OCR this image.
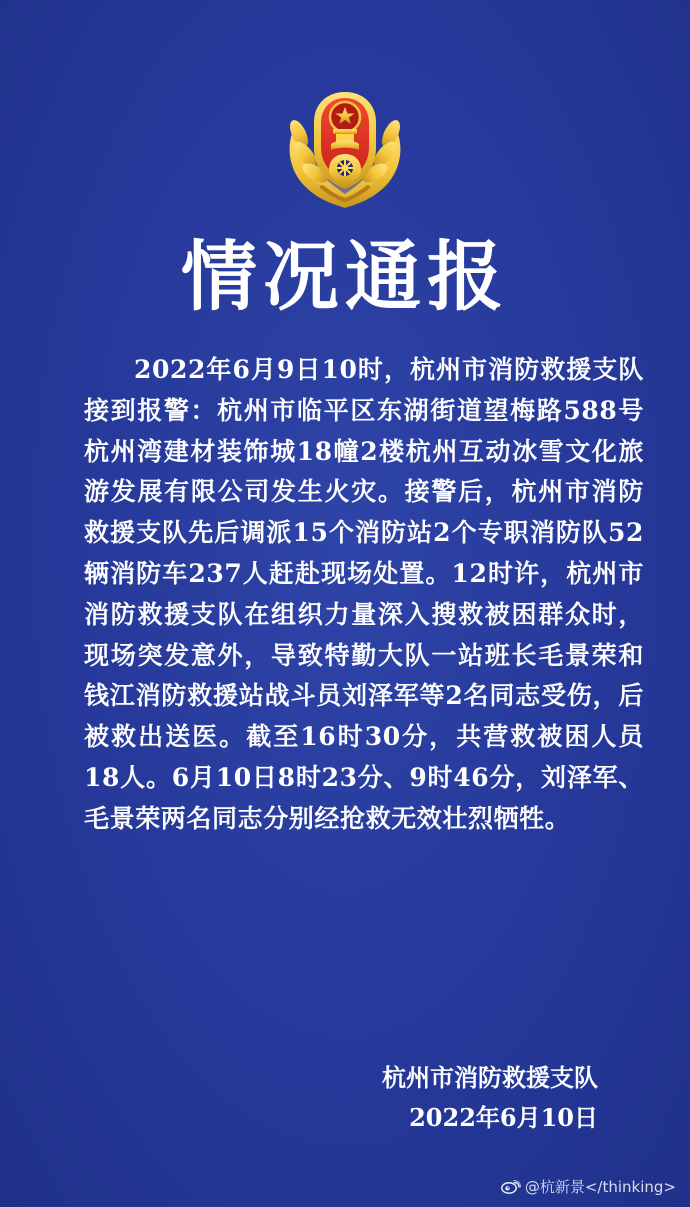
情况通报
2022年6月9日10时，杭州市消防救援支队接到报警：杭州市临平区东湖街道望梅路588号杭州湾建材装饰城18幢2楼杭州互动冰雪文化旅游发展有限公司发生火灾。接警后，杭州市消防救援支队先后调派15个消防站2个专职消防队52辆消防车237人赶赴现场处置。12时许，杭州市消防救援支队在组织力量深入搜救被困群众时，现场突发意外，导致特勤大队一站班长毛景荣和钱江消防救援站战斗员刘泽军等2名同志受伤，后被救出送医。截至16时30分，共营救被困人员18人。6月10日8时23分、9时46分，刘泽军、毛景荣两名同志分别经抢救无效壮烈牺牲。
杭州市消防救援支队
2022年6月10日
@杭新景</thinking>
